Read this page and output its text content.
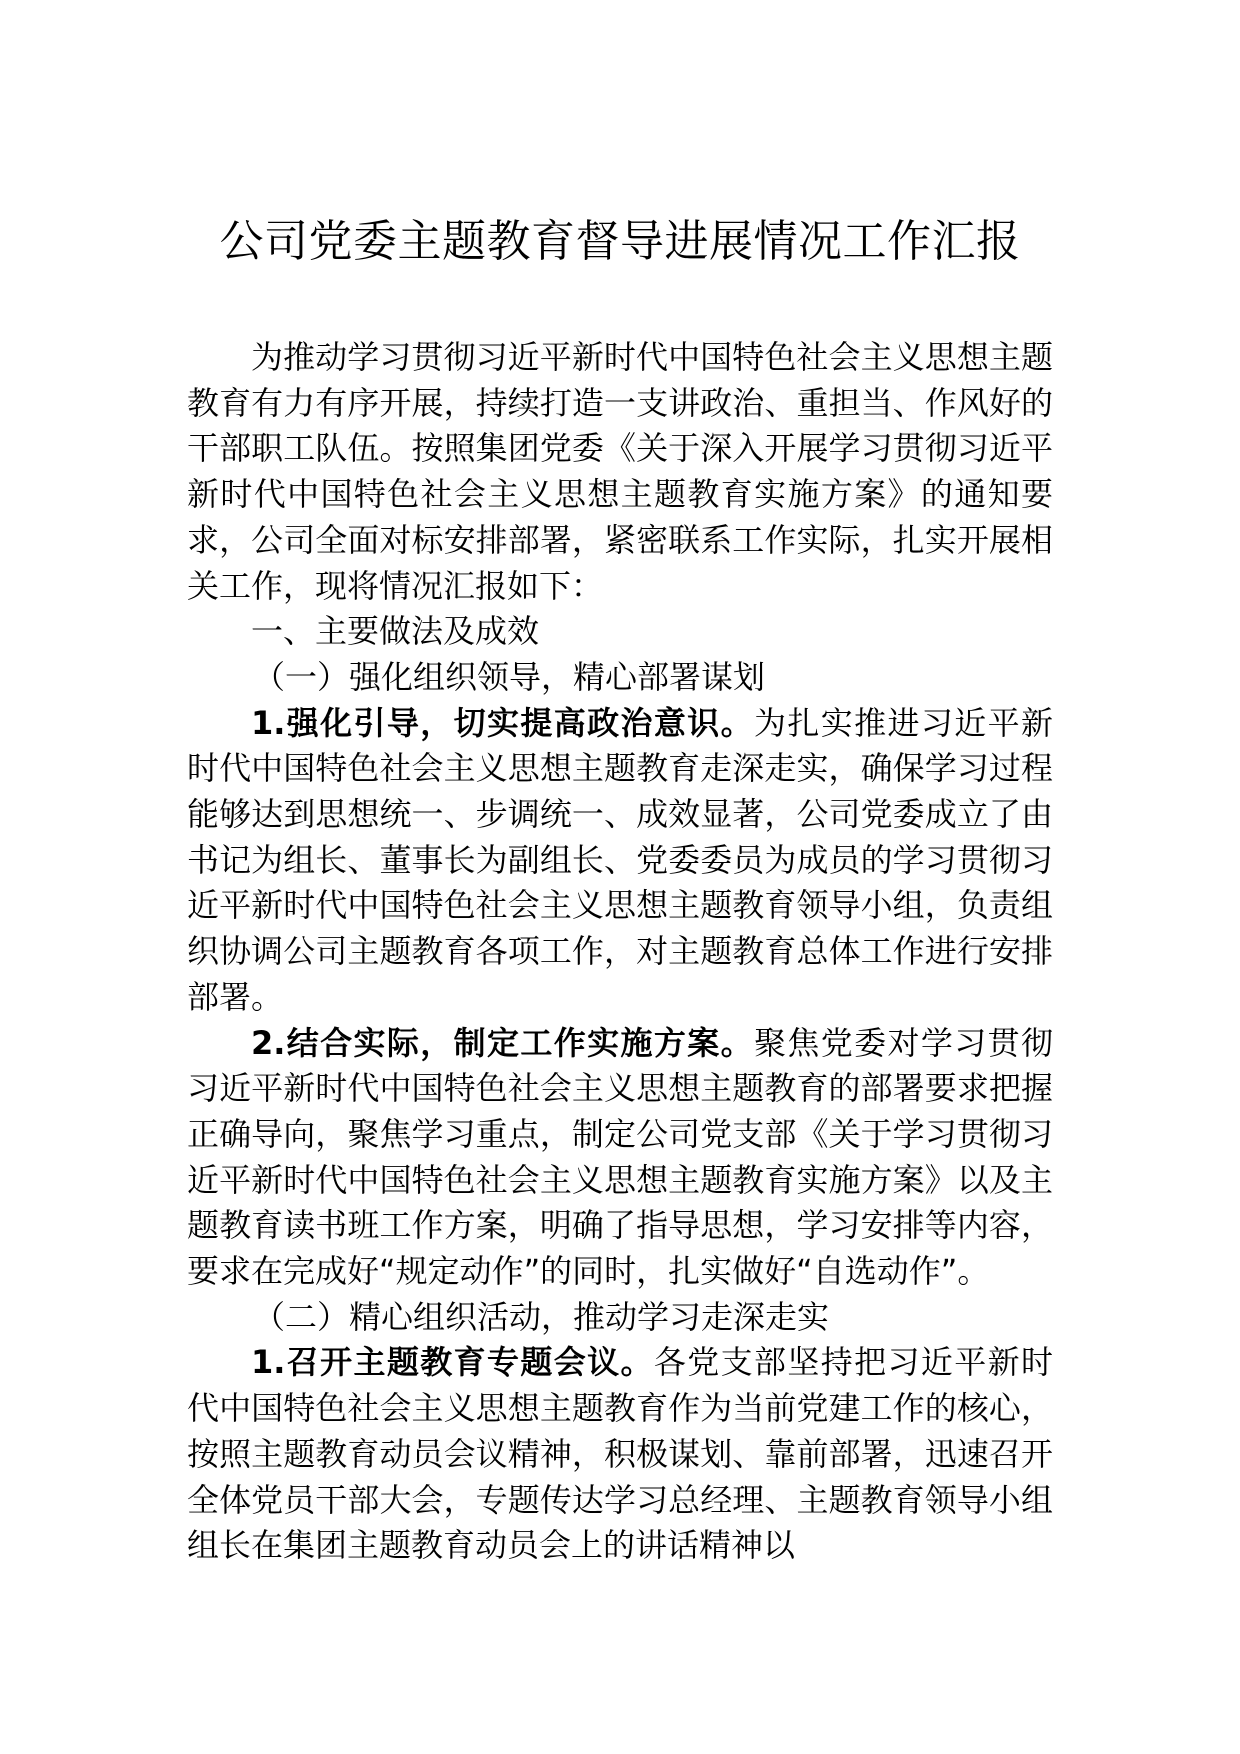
公司党委主题教育督导进展情况工作汇报

为推动学习贯彻习近平新时代中国特色社会主义思想主题教育有力有序开展，持续打造一支讲政治、重担当、作风好的干部职工队伍。按照集团党委《关于深入开展学习贯彻习近平新时代中国特色社会主义思想主题教育实施方案》的通知要求，公司全面对标安排部署，紧密联系工作实际，扎实开展相关工作，现将情况汇报如下：

一、主要做法及成效

（一）强化组织领导，精心部署谋划

1.强化引导，切实提高政治意识。为扎实推进习近平新时代中国特色社会主义思想主题教育走深走实，确保学习过程能够达到思想统一、步调统一、成效显著，公司党委成立了由书记为组长、董事长为副组长、党委委员为成员的学习贯彻习近平新时代中国特色社会主义思想主题教育领导小组，负责组织协调公司主题教育各项工作，对主题教育总体工作进行安排部署。

2.结合实际，制定工作实施方案。聚焦党委对学习贯彻习近平新时代中国特色社会主义思想主题教育的部署要求把握正确导向，聚焦学习重点，制定公司党支部《关于学习贯彻习近平新时代中国特色社会主义思想主题教育实施方案》以及主题教育读书班工作方案，明确了指导思想，学习安排等内容，要求在完成好“规定动作”的同时，扎实做好“自选动作”。

（二）精心组织活动，推动学习走深走实

1.召开主题教育专题会议。各党支部坚持把习近平新时代中国特色社会主义思想主题教育作为当前党建工作的核心，按照主题教育动员会议精神，积极谋划、靠前部署，迅速召开全体党员干部大会，专题传达学习总经理、主题教育领导小组组长在集团主题教育动员会上的讲话精神以
